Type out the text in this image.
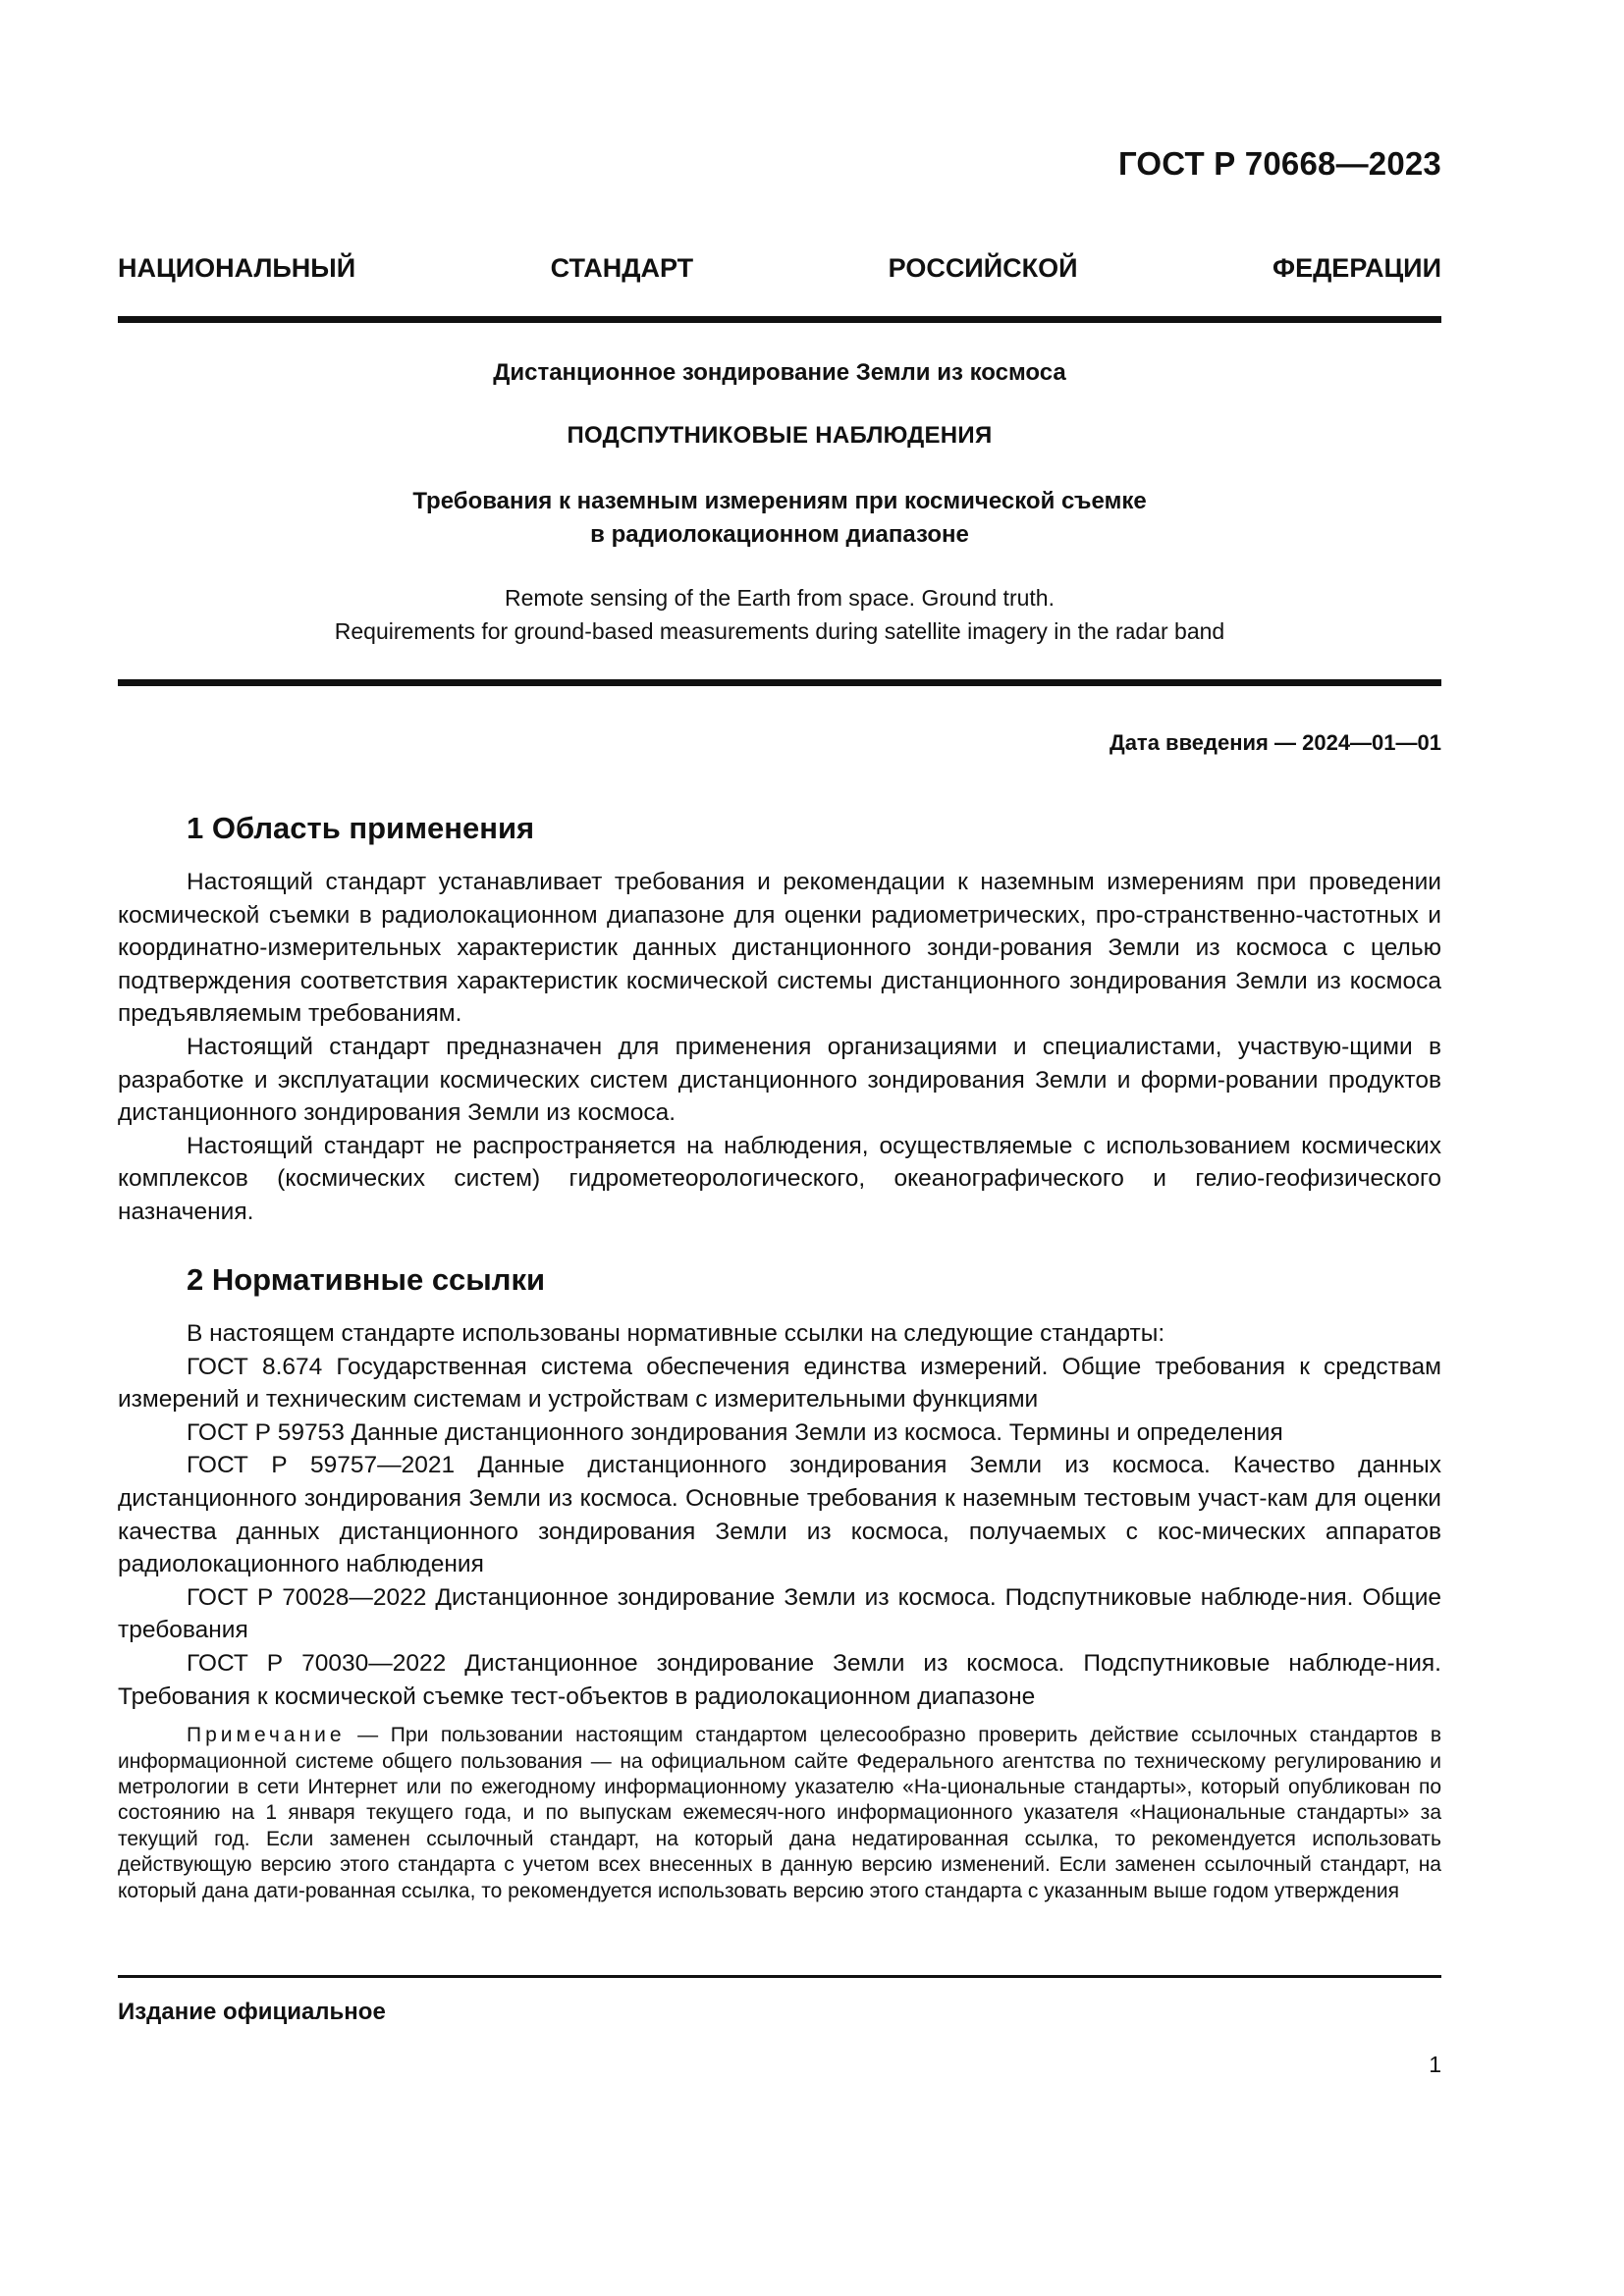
ГОСТ Р 70668—2023
НАЦИОНАЛЬНЫЙ СТАНДАРТ РОССИЙСКОЙ ФЕДЕРАЦИИ
Дистанционное зондирование Земли из космоса
ПОДСПУТНИКОВЫЕ НАБЛЮДЕНИЯ
Требования к наземным измерениям при космической съемке
в радиолокационном диапазоне
Remote sensing of the Earth from space. Ground truth.
Requirements for ground-based measurements during satellite imagery in the radar band
Дата введения — 2024—01—01
1 Область применения

Настоящий стандарт устанавливает требования и рекомендации к наземным измерениям при проведении космической съемки в радиолокационном диапазоне для оценки радиометрических, про-странственно-частотных и координатно-измерительных характеристик данных дистанционного зонди-рования Земли из космоса с целью подтверждения соответствия характеристик космической системы дистанционного зондирования Земли из космоса предъявляемым требованиям.

Настоящий стандарт предназначен для применения организациями и специалистами, участвую-щими в разработке и эксплуатации космических систем дистанционного зондирования Земли и форми-ровании продуктов дистанционного зондирования Земли из космоса.

Настоящий стандарт не распространяется на наблюдения, осуществляемые с использованием космических комплексов (космических систем) гидрометеорологического, океанографического и гелио-геофизического назначения.

2 Нормативные ссылки

В настоящем стандарте использованы нормативные ссылки на следующие стандарты:

ГОСТ 8.674 Государственная система обеспечения единства измерений. Общие требования к средствам измерений и техническим системам и устройствам с измерительными функциями

ГОСТ Р 59753 Данные дистанционного зондирования Земли из космоса. Термины и определения

ГОСТ Р 59757—2021 Данные дистанционного зондирования Земли из космоса. Качество данных дистанционного зондирования Земли из космоса. Основные требования к наземным тестовым участ-кам для оценки качества данных дистанционного зондирования Земли из космоса, получаемых с кос-мических аппаратов радиолокационного наблюдения

ГОСТ Р 70028—2022 Дистанционное зондирование Земли из космоса. Подспутниковые наблюде-ния. Общие требования

ГОСТ Р 70030—2022 Дистанционное зондирование Земли из космоса. Подспутниковые наблюде-ния. Требования к космической съемке тест-объектов в радиолокационном диапазоне

Примечание — При пользовании настоящим стандартом целесообразно проверить действие ссылочных стандартов в информационной системе общего пользования — на официальном сайте Федерального агентства по техническому регулированию и метрологии в сети Интернет или по ежегодному информационному указателю «На-циональные стандарты», который опубликован по состоянию на 1 января текущего года, и по выпускам ежемесяч-ного информационного указателя «Национальные стандарты» за текущий год. Если заменен ссылочный стандарт, на который дана недатированная ссылка, то рекомендуется использовать действующую версию этого стандарта с учетом всех внесенных в данную версию изменений. Если заменен ссылочный стандарт, на который дана дати-рованная ссылка, то рекомендуется использовать версию этого стандарта с указанным выше годом утверждения

Издание официальное
1
